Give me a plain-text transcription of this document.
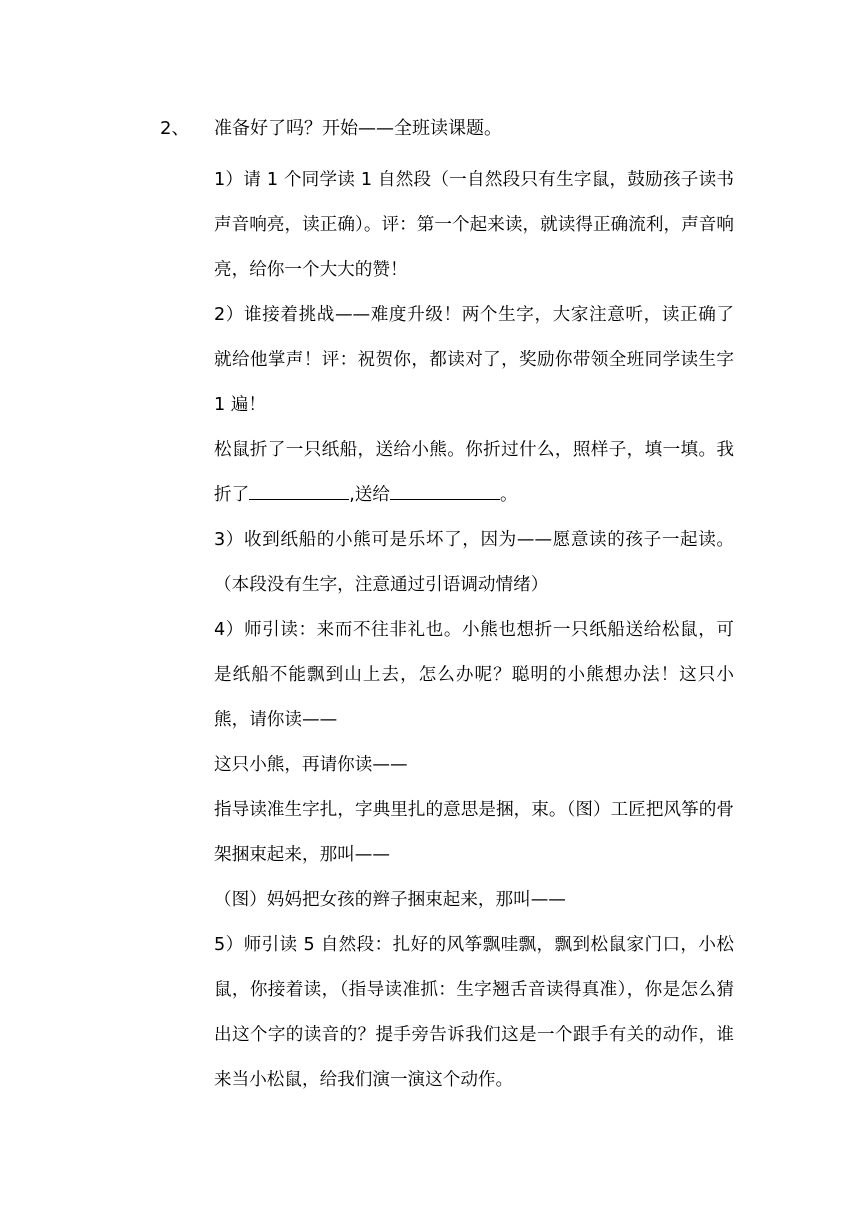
2、 准备好了吗？开始——全班读课题。

1）请 1 个同学读 1 自然段（一自然段只有生字鼠，鼓励孩子读书声音响亮，读正确）。评：第一个起来读，就读得正确流利，声音响亮，给你一个大大的赞！

2）谁接着挑战——难度升级！两个生字，大家注意听，读正确了就给他掌声！评：祝贺你，都读对了，奖励你带领全班同学读生字 1 遍！

松鼠折了一只纸船，送给小熊。你折过什么，照样子，填一填。我折了	,送给	。

3）收到纸船的小熊可是乐坏了，因为——愿意读的孩子一起读。（本段没有生字，注意通过引语调动情绪）

4）师引读：来而不往非礼也。小熊也想折一只纸船送给松鼠，可是纸船不能飘到山上去，怎么办呢？聪明的小熊想办法！这只小熊，请你读——

这只小熊，再请你读——

指导读准生字扎，字典里扎的意思是捆，束。（图）工匠把风筝的骨架捆束起来，那叫——

（图）妈妈把女孩的辫子捆束起来，那叫——

5）师引读 5 自然段：扎好的风筝飘哇飘，飘到松鼠家门口，小松鼠，你接着读，（指导读准抓：生字翘舌音读得真准），你是怎么猜出这个字的读音的？提手旁告诉我们这是一个跟手有关的动作，谁来当小松鼠，给我们演一演这个动作。
